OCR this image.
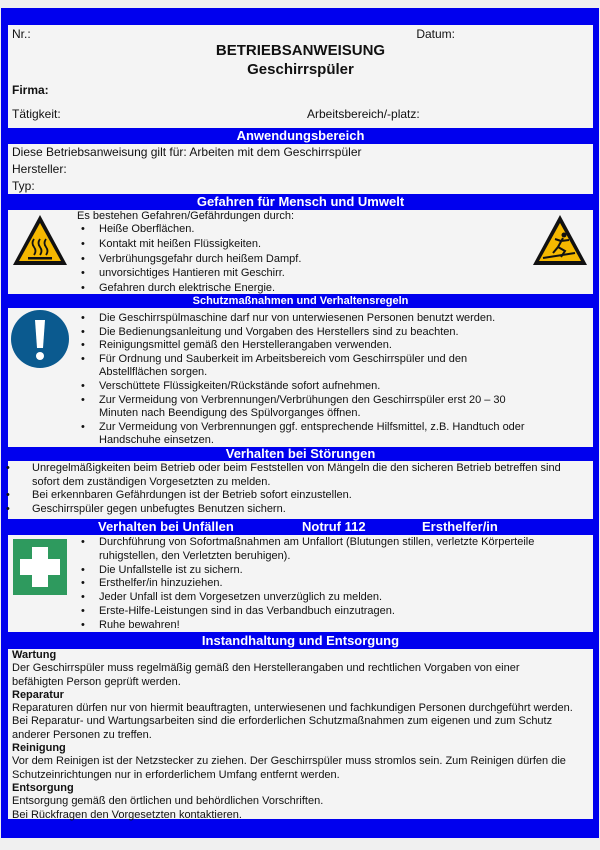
Nr.:	Datum:
BETRIEBSANWEISUNG
Geschirrspüler
Firma:
Tätigkeit:	Arbeitsbereich/-platz:
Anwendungsbereich
Diese Betriebsanweisung gilt für: Arbeiten mit dem Geschirrspüler
Hersteller:
Typ:
Gefahren für Mensch und Umwelt
Es bestehen Gefahren/Gefährdungen durch:
• Heiße Oberflächen.
• Kontakt mit heißen Flüssigkeiten.
• Verbrühungsgefahr durch heißem Dampf.
• unvorsichtiges Hantieren mit Geschirr.
• Gefahren durch elektrische Energie.
Schutzmaßnahmen und Verhaltensregeln
• Die Geschirrspülmaschine darf nur von unterwiesenen Personen benutzt werden.
• Die Bedienungsanleitung und Vorgaben des Herstellers sind zu beachten.
• Reinigungsmittel gemäß den Herstellerangaben verwenden.
• Für Ordnung und Sauberkeit im Arbeitsbereich vom Geschirrspüler und den Abstellflächen sorgen.
• Verschüttete Flüssigkeiten/Rückstände sofort aufnehmen.
• Zur Vermeidung von Verbrennungen/Verbrühungen den Geschirrspüler erst 20 – 30 Minuten nach Beendigung des Spülvorganges öffnen.
• Zur Vermeidung von Verbrennungen ggf. entsprechende Hilfsmittel, z.B. Handtuch oder Handschuhe einsetzen.
Verhalten bei Störungen
• Unregelmäßigkeiten beim Betrieb oder beim Feststellen von Mängeln die den sicheren Betrieb betreffen sind sofort dem zuständigen Vorgesetzten zu melden.
• Bei erkennbaren Gefährdungen ist der Betrieb sofort einzustellen.
• Geschirrspüler gegen unbefugtes Benutzen sichern.
Verhalten bei Unfällen	Notruf 112	Ersthelfer/in
• Durchführung von Sofortmaßnahmen am Unfallort (Blutungen stillen, verletzte Körperteile ruhigstellen, den Verletzten beruhigen).
• Die Unfallstelle ist zu sichern.
• Ersthelfer/in hinzuziehen.
• Jeder Unfall ist dem Vorgesetzen unverzüglich zu melden.
• Erste-Hilfe-Leistungen sind in das Verbandbuch einzutragen.
• Ruhe bewahren!
Instandhaltung und Entsorgung
Wartung
Der Geschirrspüler muss regelmäßig gemäß den Herstellerangaben und rechtlichen Vorgaben von einer befähigten Person geprüft werden.
Reparatur
Reparaturen dürfen nur von hiermit beauftragten, unterwiesenen und fachkundigen Personen durchgeführt werden. Bei Reparatur- und Wartungsarbeiten sind die erforderlichen Schutzmaßnahmen zum eigenen und zum Schutz anderer Personen zu treffen.
Reinigung
Vor dem Reinigen ist der Netzstecker zu ziehen. Der Geschirrspüler muss stromlos sein. Zum Reinigen dürfen die Schutzeinrichtungen nur in erforderlichem Umfang entfernt werden.
Entsorgung
Entsorgung gemäß den örtlichen und behördlichen Vorschriften.
Bei Rückfragen den Vorgesetzten kontaktieren.
